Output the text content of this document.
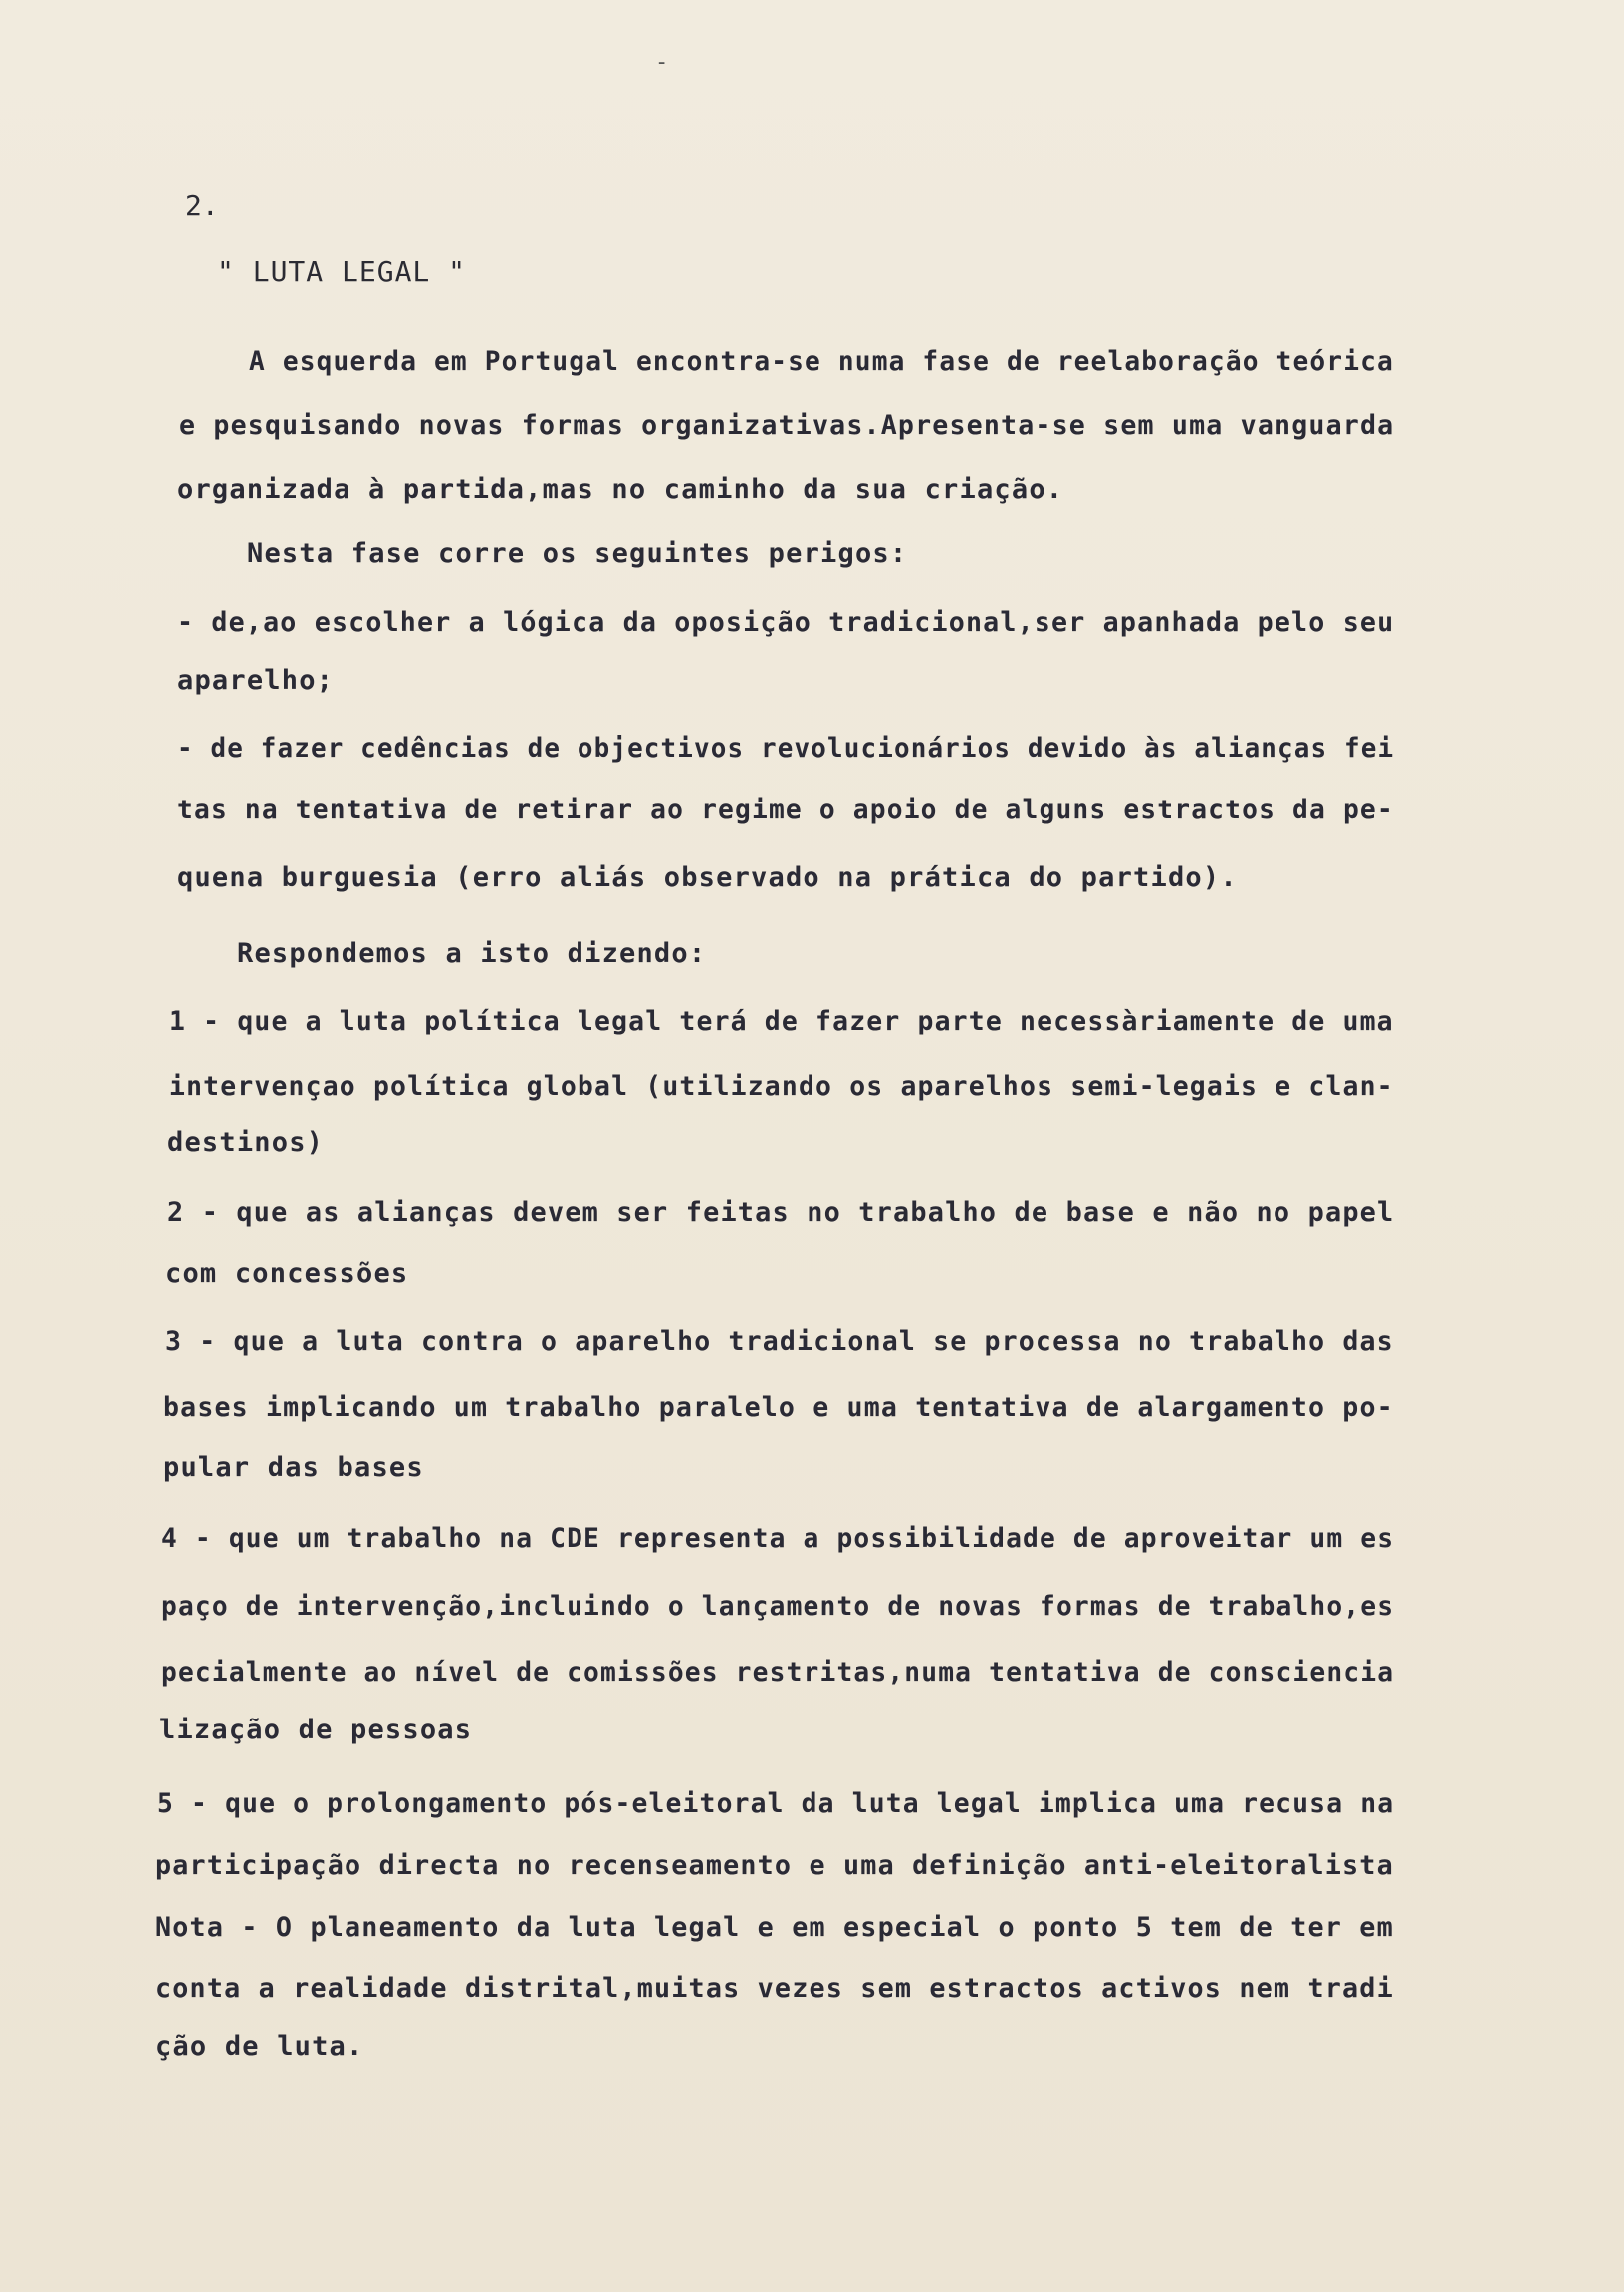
-
2.
" LUTA LEGAL "
A esquerda em Portugal encontra-se numa fase de reelaboração teórica
e pesquisando novas formas organizativas.Apresenta-se sem uma vanguarda
organizada à partida,mas no caminho da sua criação.
Nesta fase corre os seguintes perigos:
- de,ao escolher a lógica da oposição tradicional,ser apanhada pelo seu
aparelho;
- de fazer cedências de objectivos revolucionários devido às alianças fei
tas na tentativa de retirar ao regime o apoio de alguns estractos da pe-
quena burguesia (erro aliás observado na prática do partido).
Respondemos a isto dizendo:
1 - que a luta política legal terá de fazer parte necessàriamente de uma
intervençao política global (utilizando os aparelhos semi-legais e clan-
destinos)
2 - que as alianças devem ser feitas no trabalho de base e não no papel
com concessões
3 - que a luta contra o aparelho tradicional se processa no trabalho das
bases implicando um trabalho paralelo e uma tentativa de alargamento po-
pular das bases
4 - que um trabalho na CDE representa a possibilidade de aproveitar um es
paço de intervenção,incluindo o lançamento de novas formas de trabalho,es
pecialmente ao nível de comissões restritas,numa tentativa de consciencia
lização de pessoas
5 - que o prolongamento pós-eleitoral da luta legal implica uma recusa na
participação directa no recenseamento e uma definição anti-eleitoralista
Nota - O planeamento da luta legal e em especial o ponto 5 tem de ter em
conta a realidade distrital,muitas vezes sem estractos activos nem tradi
ção de luta.
